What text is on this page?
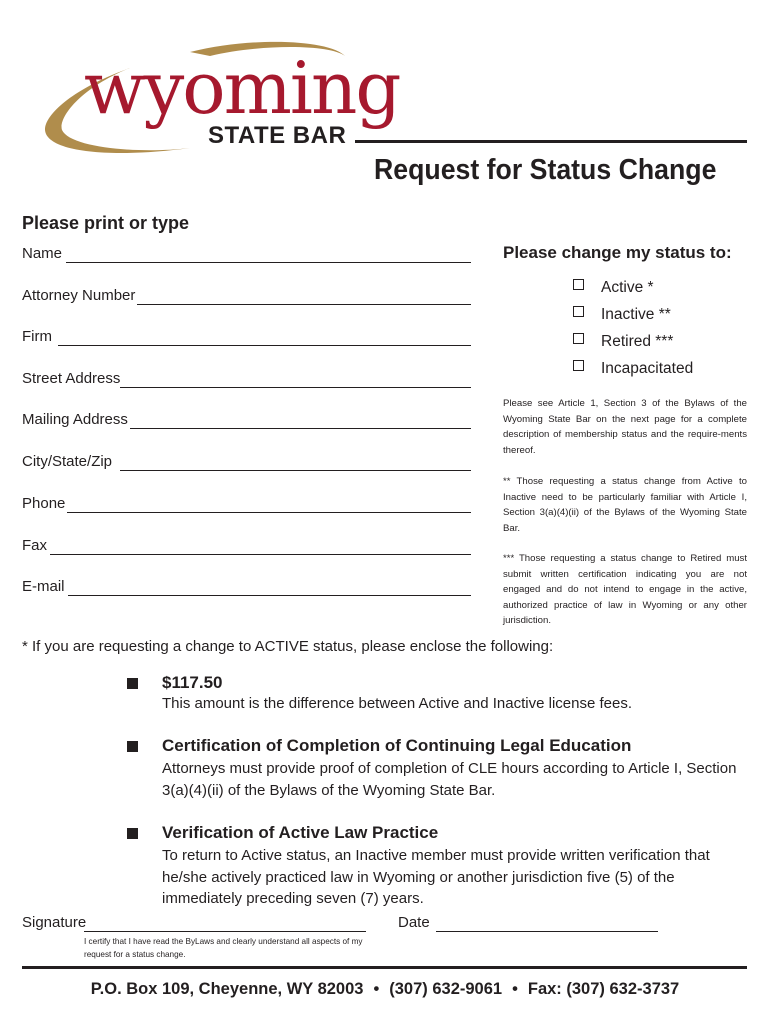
wyoming
STATE BAR
Request for Status Change
Please print or type
Name
Attorney Number
Firm
Street Address
Mailing Address
City/State/Zip
Phone
Fax
E-mail
Please change my status to:
Active *
Inactive **
Retired ***
Incapacitated
Please see Article 1, Section 3 of the Bylaws of the Wyoming State Bar on the next page for a complete description of membership status and the require-ments thereof.
** Those requesting a status change from Active to Inactive need to be particularly familiar with Article I, Section 3(a)(4)(ii) of the Bylaws of the Wyoming State Bar.
*** Those requesting a status change to Retired must submit written certification indicating you are not engaged and do not intend to engage in the active, authorized practice of law in Wyoming or any other jurisdiction.
* If you are requesting a change to ACTIVE status, please enclose the following:
$117.50
This amount is the difference between Active and Inactive license fees.
Certification of Completion of Continuing Legal Education
Attorneys must provide proof of completion of CLE hours according to Article I, Section 3(a)(4)(ii) of the Bylaws of the Wyoming State Bar.
Verification of Active Law Practice
To return to Active status, an Inactive member must provide written verification that he/she actively practiced law in Wyoming or another jurisdiction five (5) of the immediately preceding seven (7) years.
Signature	Date
I certify that I have read the ByLaws and clearly understand all aspects of my request for a status change.
P.O. Box 109, Cheyenne, WY 82003 • (307) 632-9061 • Fax: (307) 632-3737
